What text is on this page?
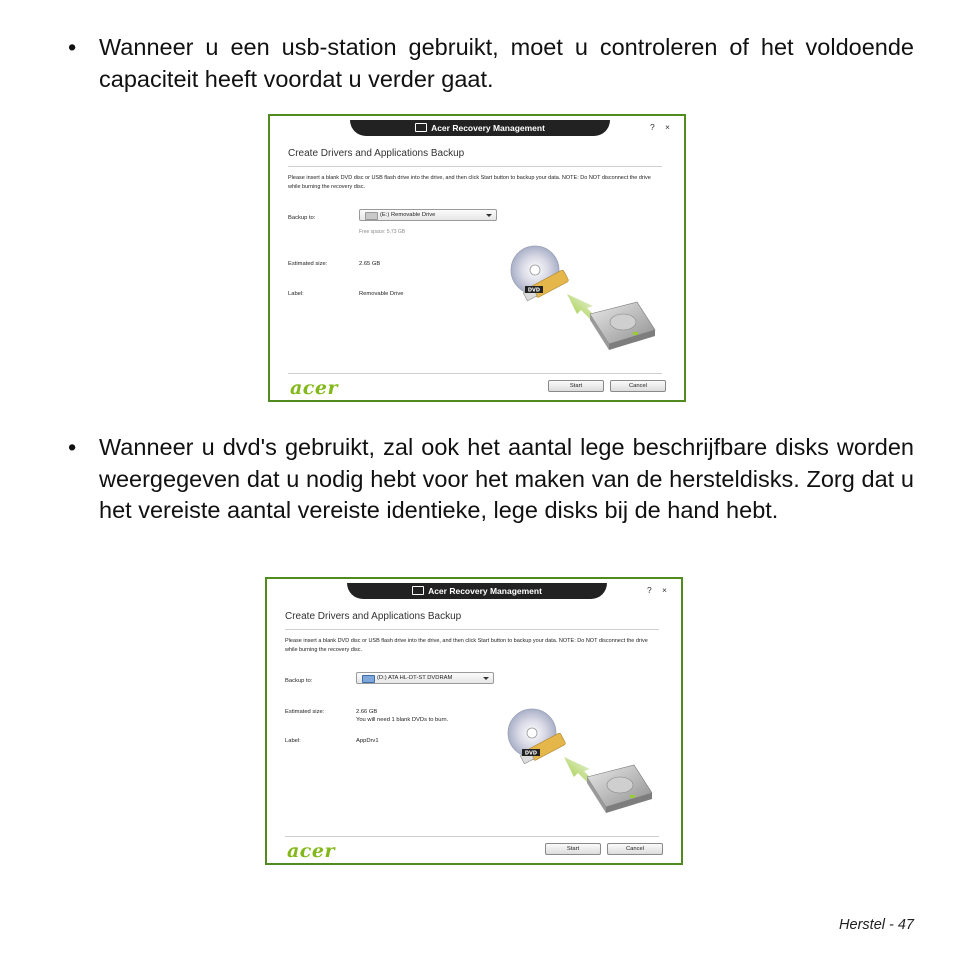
• Wanneer u een usb-station gebruikt, moet u controleren of het voldoende capaciteit heeft voordat u verder gaat.
Acer Recovery Management	? ×
Create Drivers and Applications Backup
Please insert a blank DVD disc or USB flash drive into the drive, and then click Start button to backup your data. NOTE: Do NOT disconnect the drive while burning the recovery disc.
Backup to:	(E:) Removable Drive
Free space: 5.73 GB
Estimated size:	2.65 GB
Label:	Removable Drive
DVD
acer	Start	Cancel
• Wanneer u dvd's gebruikt, zal ook het aantal lege beschrijfbare disks worden weergegeven dat u nodig hebt voor het maken van de hersteldisks. Zorg dat u het vereiste aantal vereiste identieke, lege disks bij de hand hebt.
Acer Recovery Management	? ×
Create Drivers and Applications Backup
Please insert a blank DVD disc or USB flash drive into the drive, and then click Start button to backup your data. NOTE: Do NOT disconnect the drive while burning the recovery disc.
Backup to:	(D:) ATA HL-DT-ST DVDRAM
Estimated size:	2.66 GB
You will need 1 blank DVDs to burn.
Label:	AppDrv1
DVD
acer	Start	Cancel
Herstel - 47
